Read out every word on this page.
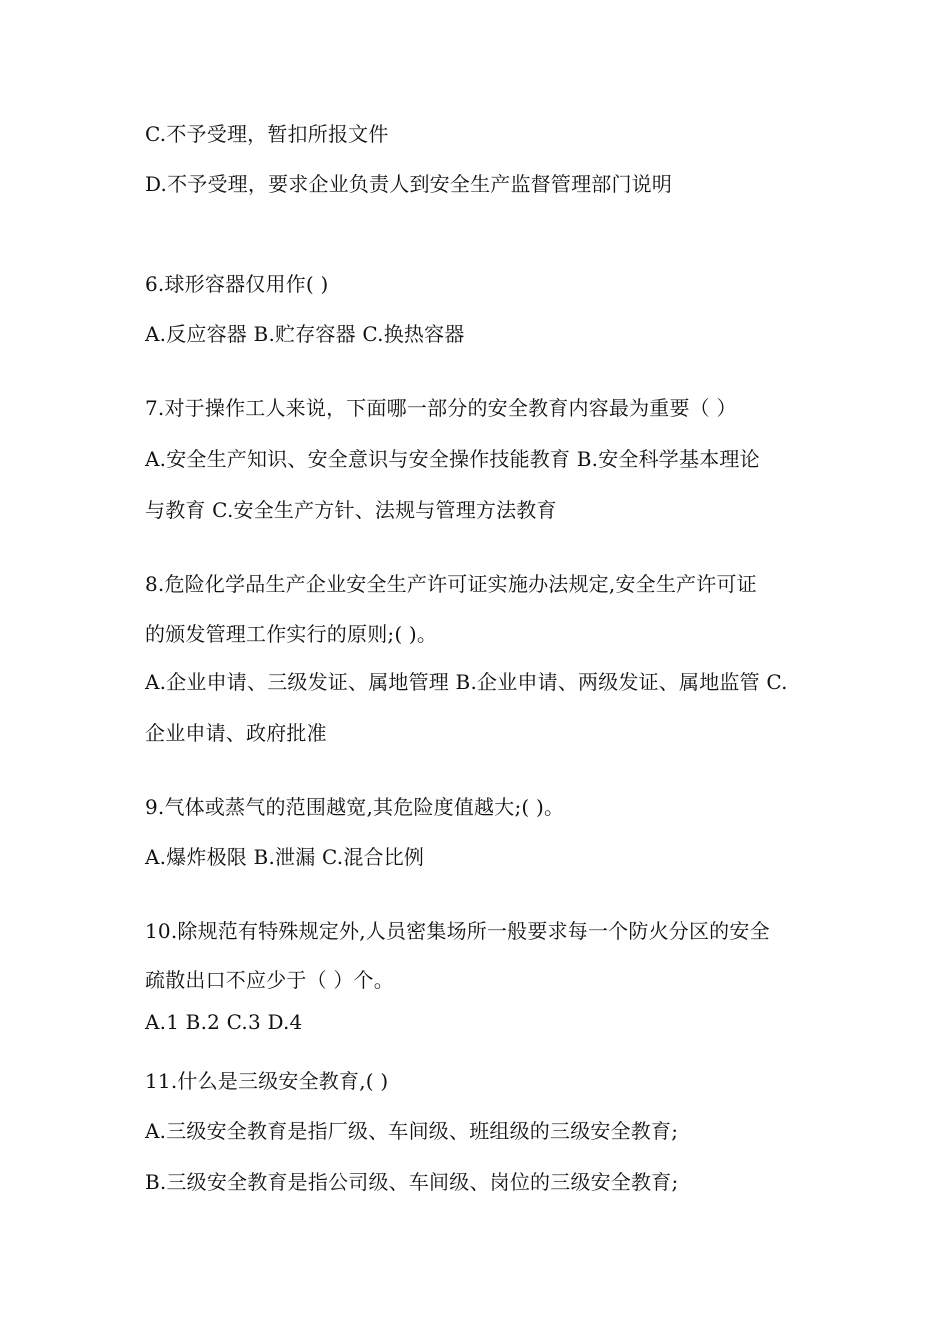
C.不予受理，暂扣所报文件
D.不予受理，要求企业负责人到安全生产监督管理部门说明
6.球形容器仅用作( )
A.反应容器 B.贮存容器 C.换热容器
7.对于操作工人来说，下面哪一部分的安全教育内容最为重要（ ）
A.安全生产知识、安全意识与安全操作技能教育 B.安全科学基本理论
与教育 C.安全生产方针、法规与管理方法教育
8.危险化学品生产企业安全生产许可证实施办法规定,安全生产许可证
的颁发管理工作实行的原则;( )。
A.企业申请、三级发证、属地管理 B.企业申请、两级发证、属地监管 C.
企业申请、政府批准
9.气体或蒸气的范围越宽,其危险度值越大;( )。
A.爆炸极限 B.泄漏 C.混合比例
10.除规范有特殊规定外,人员密集场所一般要求每一个防火分区的安全
疏散出口不应少于（ ）个。
A.1 B.2 C.3 D.4
11.什么是三级安全教育,( )
A.三级安全教育是指厂级、车间级、班组级的三级安全教育;
B.三级安全教育是指公司级、车间级、岗位的三级安全教育;
